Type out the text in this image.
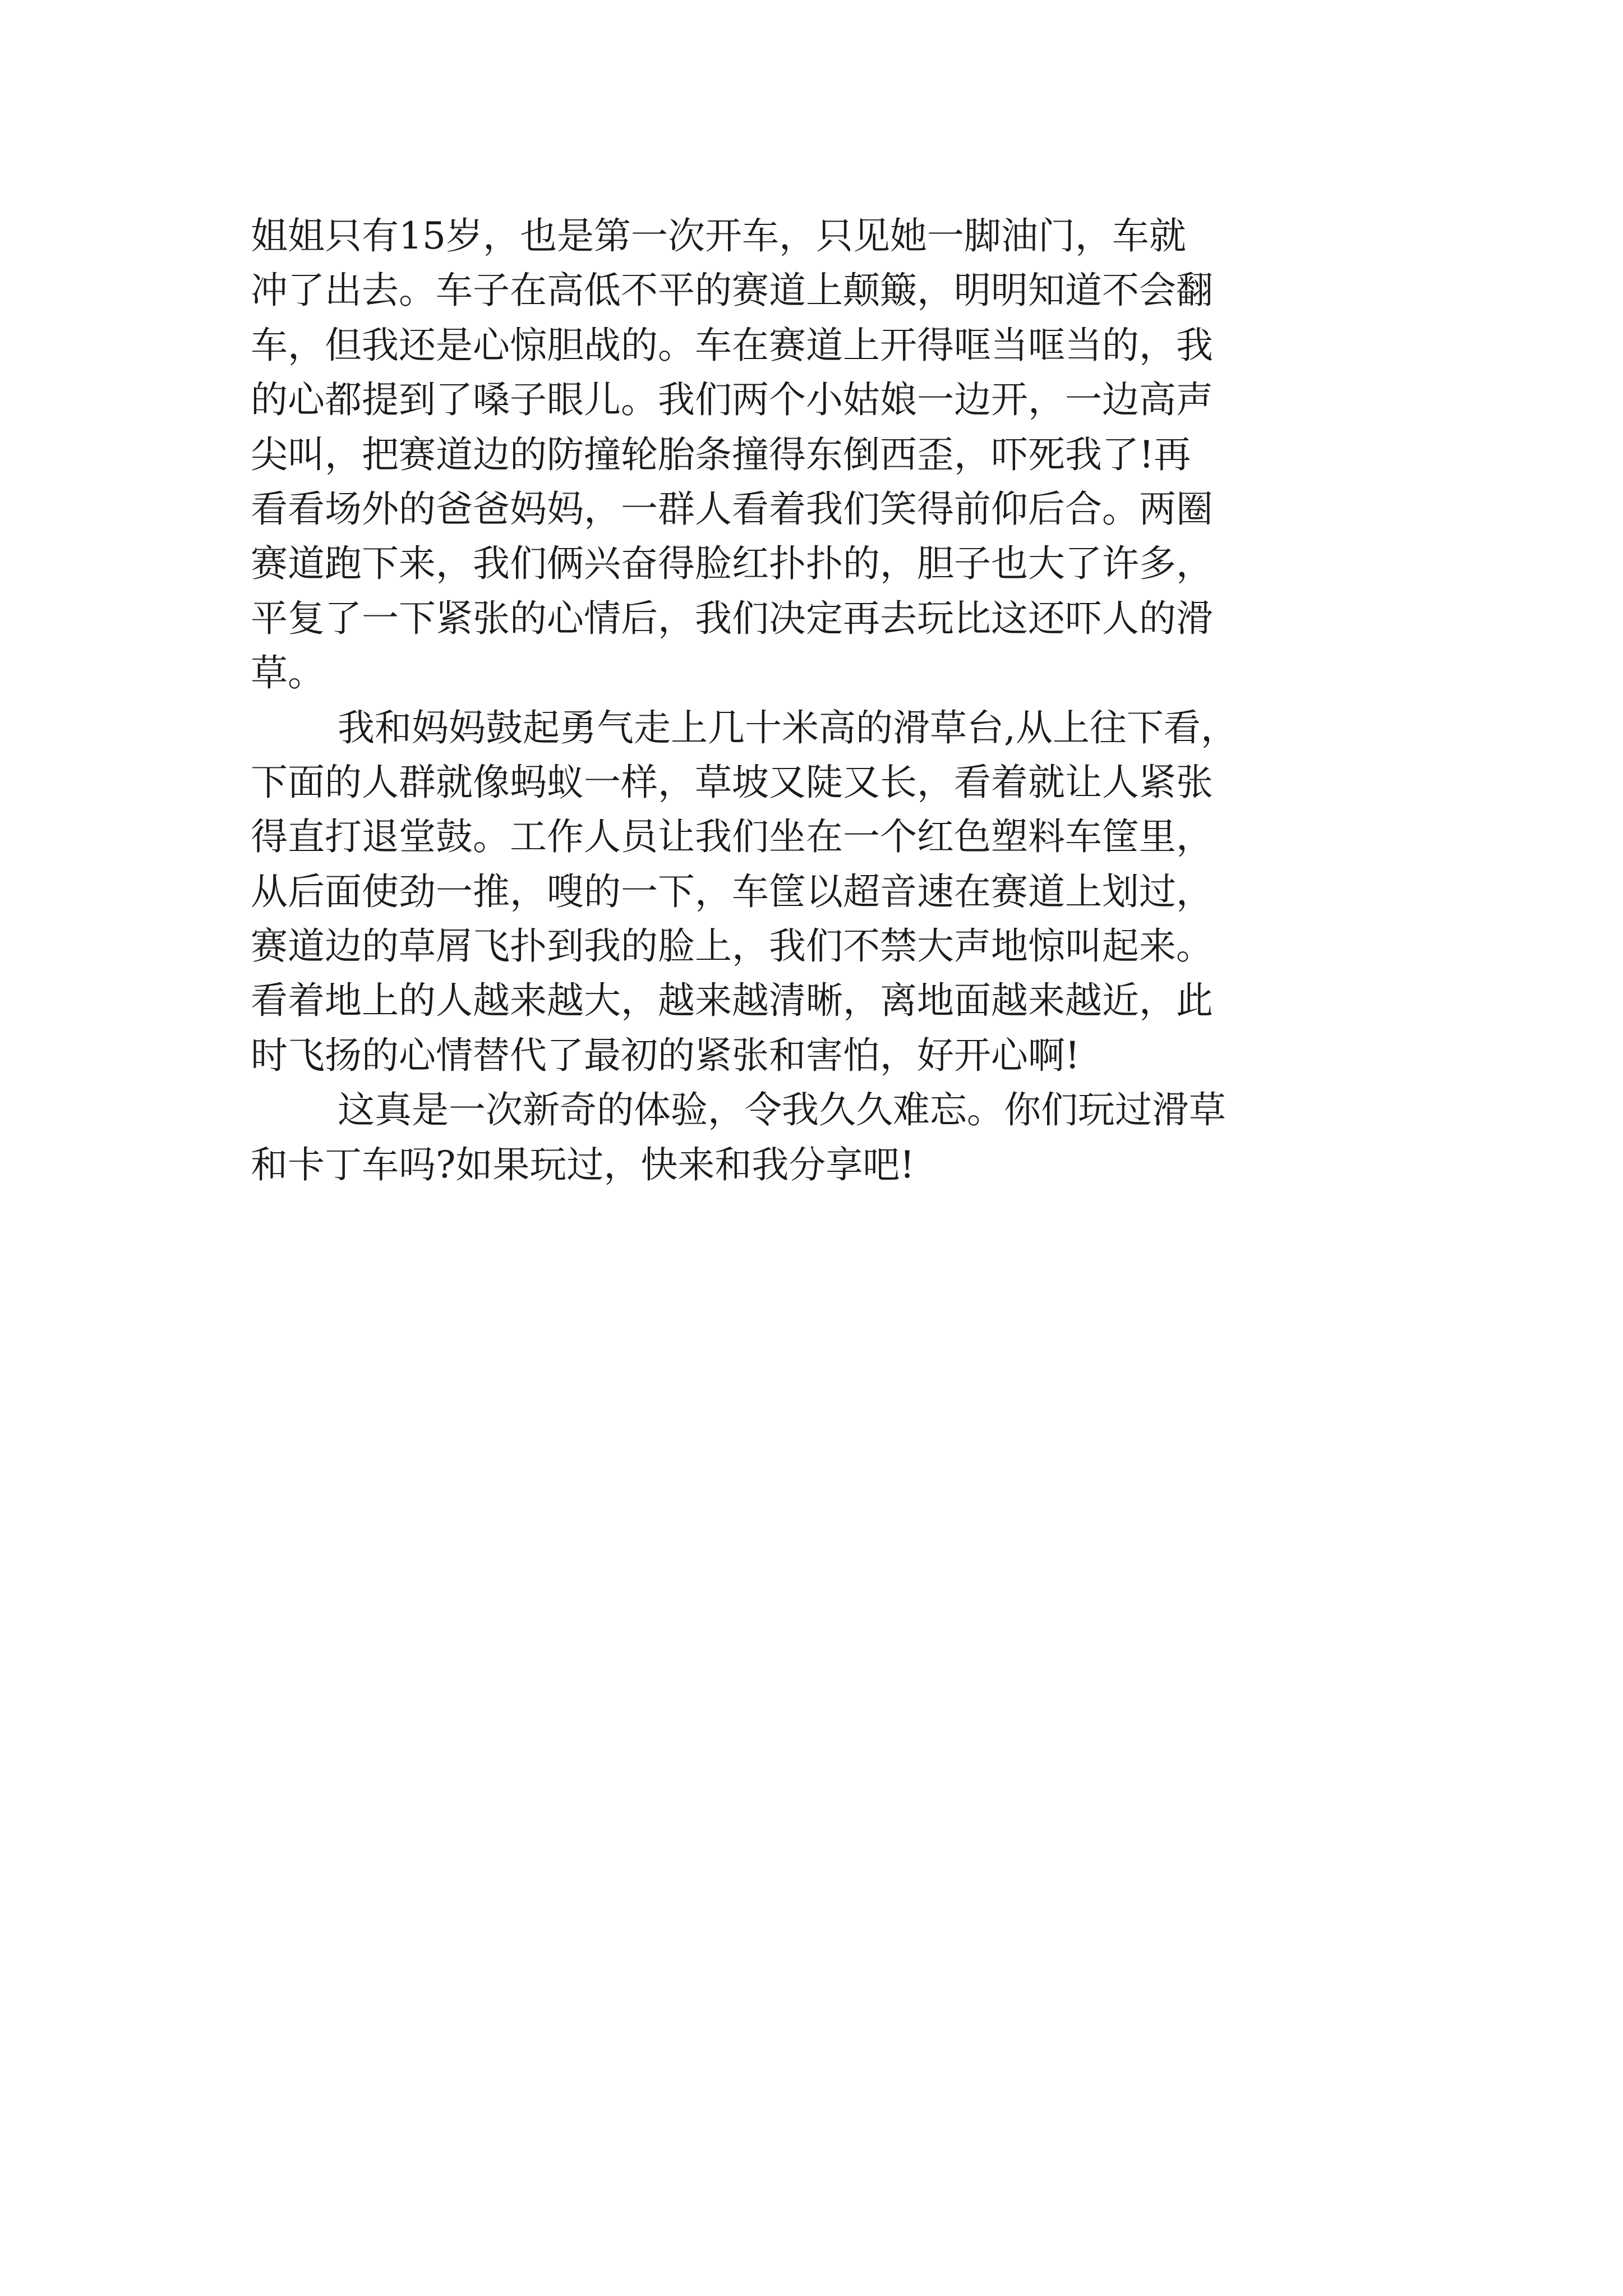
姐姐只有15岁，也是第一次开车，只见她一脚油门，车就
冲了出去。车子在高低不平的赛道上颠簸，明明知道不会翻
车，但我还是心惊胆战的。车在赛道上开得哐当哐当的，我
的心都提到了嗓子眼儿。我们两个小姑娘一边开，一边高声
尖叫，把赛道边的防撞轮胎条撞得东倒西歪，吓死我了!再
看看场外的爸爸妈妈，一群人看着我们笑得前仰后合。两圈
赛道跑下来，我们俩兴奋得脸红扑扑的，胆子也大了许多，
平复了一下紧张的心情后，我们决定再去玩比这还吓人的滑
草。

我和妈妈鼓起勇气走上几十米高的滑草台,从上往下看，
下面的人群就像蚂蚁一样，草坡又陡又长，看着就让人紧张
得直打退堂鼓。工作人员让我们坐在一个红色塑料车筐里，
从后面使劲一推，嗖的一下，车筐以超音速在赛道上划过，
赛道边的草屑飞扑到我的脸上，我们不禁大声地惊叫起来。
看着地上的人越来越大，越来越清晰，离地面越来越近，此
时飞扬的心情替代了最初的紧张和害怕，好开心啊!

这真是一次新奇的体验，令我久久难忘。你们玩过滑草
和卡丁车吗?如果玩过，快来和我分享吧!
